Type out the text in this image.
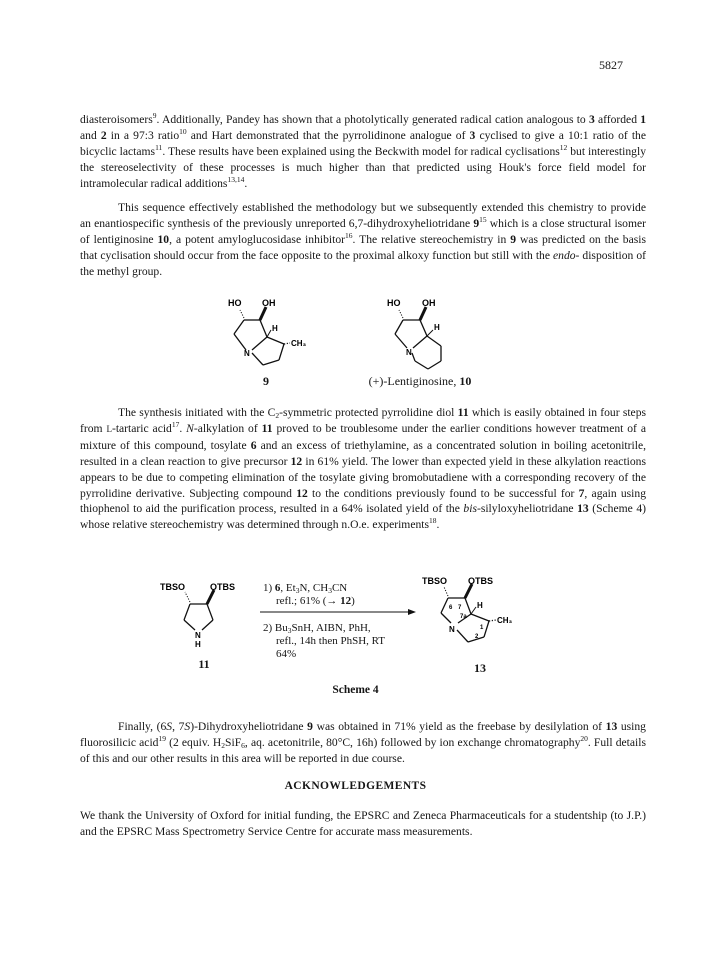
5827

diasteroisomers$^9$. Additionally, Pandey has shown that a photolytically generated radical cation analogous to 3 afforded 1 and 2 in a 97:3 ratio$^{10}$ and Hart demonstrated that the pyrrolidinone analogue of 3 cyclised to give a 10:1 ratio of the bicyclic lactams$^{11}$. These results have been explained using the Beckwith model for radical cyclisations$^{12}$ but interestingly the stereoselectivity of these processes is much higher than that predicted using Houk's force field model for intramolecular radical additions$^{13,14}$.

This sequence effectively established the methodology but we subsequently extended this chemistry to provide an enantiospecific synthesis of the previously unreported 6,7-dihydroxyheliotridane $9^{15}$ which is a close structural isomer of lentiginosine 10, a potent amyloglucosidase inhibitor$^{16}$. The relative stereochemistry in 9 was predicted on the basis that cyclisation should occur from the face opposite to the proximal alkoxy function but still with the endo- disposition of the methyl group.

HO OH
H
N
CH₃
9
HO OH
H
N
(+)-Lentiginosine, 10

The synthesis initiated with the $C_2$-symmetric protected pyrrolidine diol 11 which is easily obtained in four steps from L-tartaric acid$^{17}$. N-alkylation of 11 proved to be troublesome under the earlier conditions however treatment of a mixture of this compound, tosylate 6 and an excess of triethylamine, as a concentrated solution in boiling acetonitrile, resulted in a clean reaction to give precursor 12 in 61% yield. The lower than expected yield in these alkylation reactions appears to be due to competing elimination of the tosylate giving bromobutadiene with a corresponding recovery of the pyrrolidine derivative. Subjecting compound 12 to the conditions previously found to be successful for 7, again using thiophenol to aid the purification process, resulted in a 64% isolated yield of the bis-silyloxyheliotridane 13 (Scheme 4) whose relative stereochemistry was determined through n.O.e. experiments$^{18}$.

TBSO	OTBS
N
H
11
1) 6, $Et_3N$, $CH_3CN$
refl.; 61% (→ 12)
2) $Bu_3SnH$, AIBN, PhH,
refl., 14h then PhSH, RT
64%
TBSO OTBS
H
N
CH₃
6 7
7a
1
2
13
Scheme 4

Finally, (6S, 7S)-Dihydroxyheliotridane 9 was obtained in 71% yield as the freebase by desilylation of 13 using fluorosilicic acid$^{19}$ (2 equiv. $H_2SiF_6$, aq. acetonitrile, 80°C, 16h) followed by ion exchange chromatography$^{20}$. Full details of this and our other results in this area will be reported in due course.

ACKNOWLEDGEMENTS

We thank the University of Oxford for initial funding, the EPSRC and Zeneca Pharmaceuticals for a studentship (to J.P.) and the EPSRC Mass Spectrometry Service Centre for accurate mass measurements.
